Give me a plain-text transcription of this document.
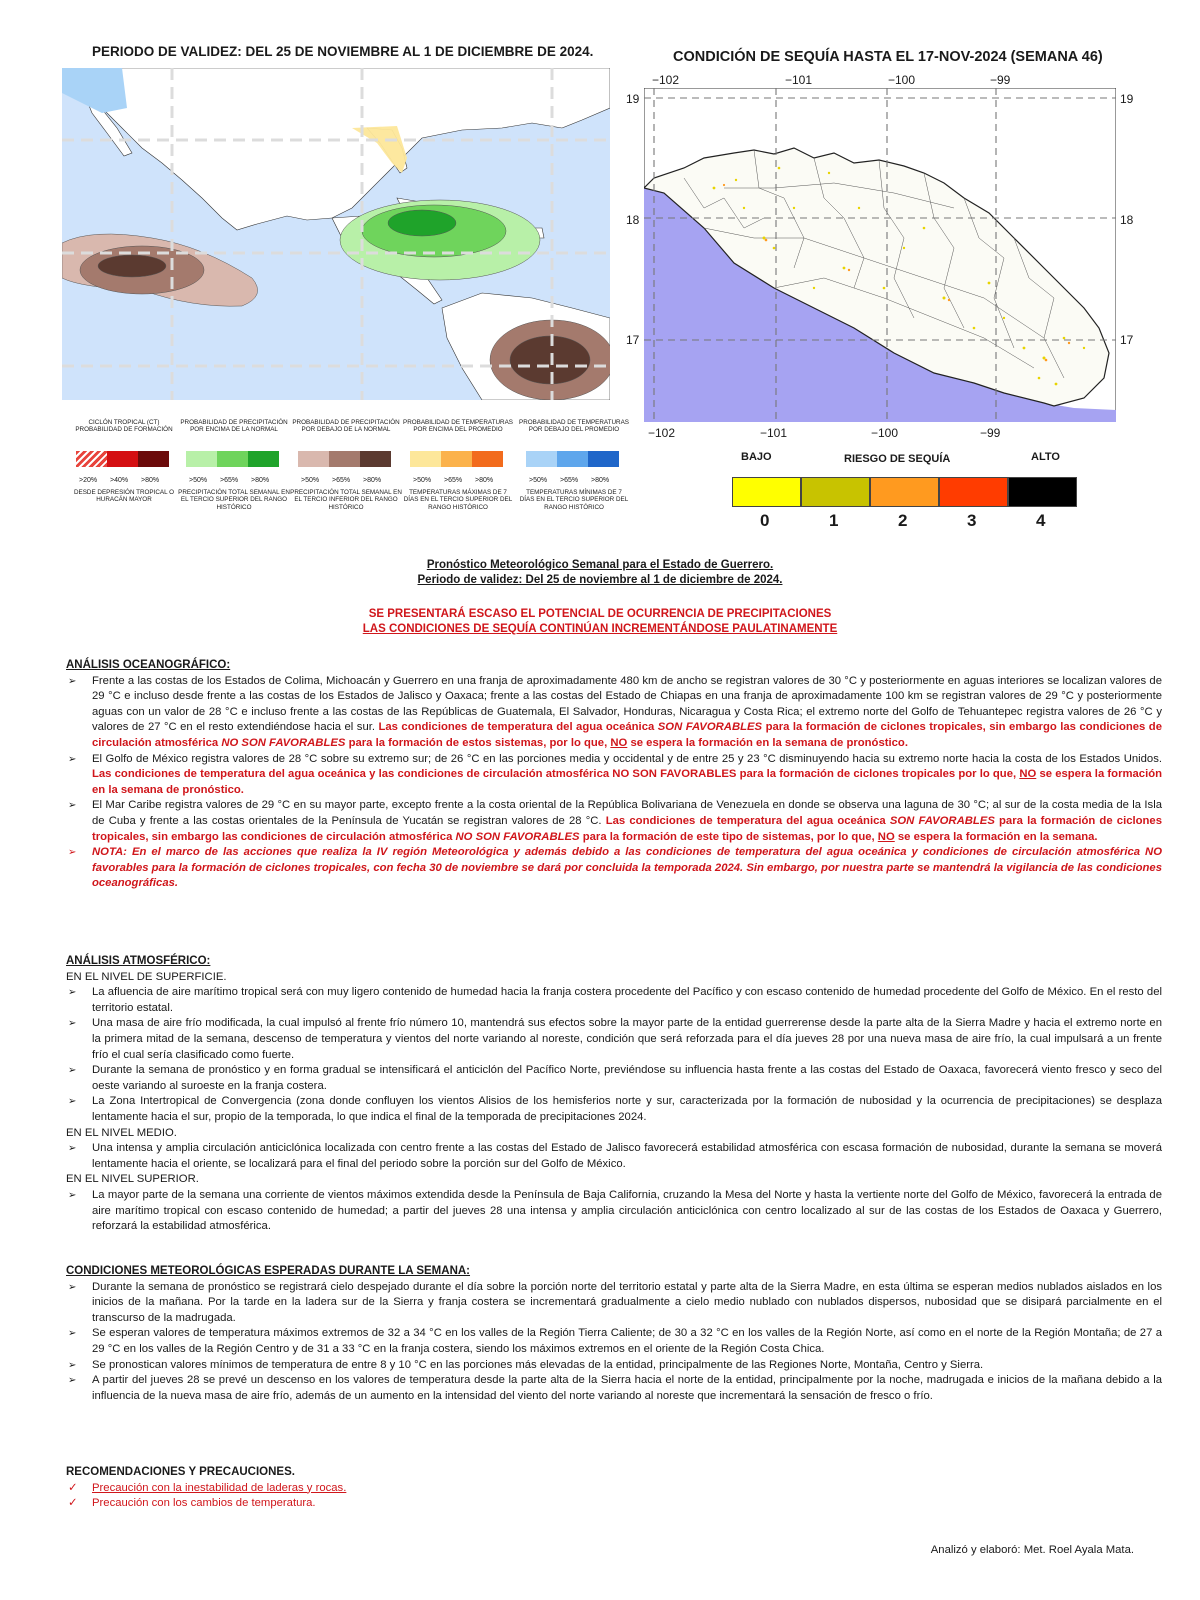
PERIODO DE VALIDEZ: DEL 25 DE NOVIEMBRE AL 1 DE DICIEMBRE DE 2024.
CICLÓN TROPICAL (CT) PROBABILIDAD DE FORMACIÓN
>20% >40% >80%
DESDE DEPRESIÓN TROPICAL O HURACÁN MAYOR
PROBABILIDAD DE PRECIPITACIÓN POR ENCIMA DE LA NORMAL
>50% >65% >80%
PRECIPITACIÓN TOTAL SEMANAL EN EL TERCIO SUPERIOR DEL RANGO HISTÓRICO
PROBABILIDAD DE PRECIPITACIÓN POR DEBAJO DE LA NORMAL
>50% >65% >80%
PRECIPITACIÓN TOTAL SEMANAL EN EL TERCIO INFERIOR DEL RANGO HISTÓRICO
PROBABILIDAD DE TEMPERATURAS POR ENCIMA DEL PROMEDIO
>50% >65% >80%
TEMPERATURAS MÁXIMAS DE 7 DÍAS EN EL TERCIO SUPERIOR DEL RANGO HISTÓRICO
PROBABILIDAD DE TEMPERATURAS POR DEBAJO DEL PROMEDIO
>50% >65% >80%
TEMPERATURAS MÍNIMAS DE 7 DÍAS EN EL TERCIO SUPERIOR DEL RANGO HISTÓRICO
CONDICIÓN DE SEQUÍA HASTA EL 17-NOV-2024 (SEMANA 46)
−102	−101	−100	−99
19
18
17
19
18
17
−102	−101	−100	−99
BAJO	RIESGO DE SEQUÍA	ALTO
0	1	2	3	4
Pronóstico Meteorológico Semanal para el Estado de Guerrero.
Periodo de validez: Del 25 de noviembre al 1 de diciembre de 2024.
SE PRESENTARÁ ESCASO EL POTENCIAL DE OCURRENCIA DE PRECIPITACIONES
LAS CONDICIONES DE SEQUÍA CONTINÚAN INCREMENTÁNDOSE PAULATINAMENTE

ANÁLISIS OCEANOGRÁFICO:

➢ Frente a las costas de los Estados de Colima, Michoacán y Guerrero en una franja de aproximadamente 480 km de ancho se registran valores de 30 °C y posteriormente en aguas interiores se localizan valores de 29 °C e incluso desde frente a las costas de los Estados de Jalisco y Oaxaca; frente a las costas del Estado de Chiapas en una franja de aproximadamente 100 km se registran valores de 29 °C y posteriormente aguas con un valor de 28 °C e incluso frente a las costas de las Repúblicas de Guatemala, El Salvador, Honduras, Nicaragua y Costa Rica; el extremo norte del Golfo de Tehuantepec registra valores de 26 °C y valores de 27 °C en el resto extendiéndose hacia el sur. Las condiciones de temperatura del agua oceánica SON FAVORABLES para la formación de ciclones tropicales, sin embargo las condiciones de circulación atmosférica NO SON FAVORABLES para la formación de estos sistemas, por lo que, NO se espera la formación en la semana de pronóstico.

➢ El Golfo de México registra valores de 28 °C sobre su extremo sur; de 26 °C en las porciones media y occidental y de entre 25 y 23 °C disminuyendo hacia su extremo norte hacia la costa de los Estados Unidos. Las condiciones de temperatura del agua oceánica y las condiciones de circulación atmosférica NO SON FAVORABLES para la formación de ciclones tropicales por lo que, NO se espera la formación en la semana de pronóstico.

➢ El Mar Caribe registra valores de 29 °C en su mayor parte, excepto frente a la costa oriental de la República Bolivariana de Venezuela en donde se observa una laguna de 30 °C; al sur de la costa media de la Isla de Cuba y frente a las costas orientales de la Península de Yucatán se registran valores de 28 °C. Las condiciones de temperatura del agua oceánica SON FAVORABLES para la formación de ciclones tropicales, sin embargo las condiciones de circulación atmosférica NO SON FAVORABLES para la formación de este tipo de sistemas, por lo que, NO se espera la formación en la semana.

➢ NOTA: En el marco de las acciones que realiza la IV región Meteorológica y además debido a las condiciones de temperatura del agua oceánica y condiciones de circulación atmosférica NO favorables para la formación de ciclones tropicales, con fecha 30 de noviembre se dará por concluida la temporada 2024. Sin embargo, por nuestra parte se mantendrá la vigilancia de las condiciones oceanográficas.

ANÁLISIS ATMOSFÉRICO:

EN EL NIVEL DE SUPERFICIE.

➢ La afluencia de aire marítimo tropical será con muy ligero contenido de humedad hacia la franja costera procedente del Pacífico y con escaso contenido de humedad procedente del Golfo de México. En el resto del territorio estatal.

➢ Una masa de aire frío modificada, la cual impulsó al frente frío número 10, mantendrá sus efectos sobre la mayor parte de la entidad guerrerense desde la parte alta de la Sierra Madre y hacia el extremo norte en la primera mitad de la semana, descenso de temperatura y vientos del norte variando al noreste, condición que será reforzada para el día jueves 28 por una nueva masa de aire frío, la cual impulsará a un frente frío el cual sería clasificado como fuerte.

➢ Durante la semana de pronóstico y en forma gradual se intensificará el anticiclón del Pacífico Norte, previéndose su influencia hasta frente a las costas del Estado de Oaxaca, favorecerá viento fresco y seco del oeste variando al suroeste en la franja costera.

➢ La Zona Intertropical de Convergencia (zona donde confluyen los vientos Alisios de los hemisferios norte y sur, caracterizada por la formación de nubosidad y la ocurrencia de precipitaciones) se desplaza lentamente hacia el sur, propio de la temporada, lo que indica el final de la temporada de precipitaciones 2024.

EN EL NIVEL MEDIO.

➢ Una intensa y amplia circulación anticiclónica localizada con centro frente a las costas del Estado de Jalisco favorecerá estabilidad atmosférica con escasa formación de nubosidad, durante la semana se moverá lentamente hacia el oriente, se localizará para el final del periodo sobre la porción sur del Golfo de México.

EN EL NIVEL SUPERIOR.

➢ La mayor parte de la semana una corriente de vientos máximos extendida desde la Península de Baja California, cruzando la Mesa del Norte y hasta la vertiente norte del Golfo de México, favorecerá la entrada de aire marítimo tropical con escaso contenido de humedad; a partir del jueves 28 una intensa y amplia circulación anticiclónica con centro localizado al sur de las costas de los Estados de Oaxaca y Guerrero, reforzará la estabilidad atmosférica.

CONDICIONES METEOROLÓGICAS ESPERADAS DURANTE LA SEMANA:

➢ Durante la semana de pronóstico se registrará cielo despejado durante el día sobre la porción norte del territorio estatal y parte alta de la Sierra Madre, en esta última se esperan medios nublados aislados en los inicios de la mañana. Por la tarde en la ladera sur de la Sierra y franja costera se incrementará gradualmente a cielo medio nublado con nublados dispersos, nubosidad que se disipará parcialmente en el transcurso de la madrugada.

➢ Se esperan valores de temperatura máximos extremos de 32 a 34 °C en los valles de la Región Tierra Caliente; de 30 a 32 °C en los valles de la Región Norte, así como en el norte de la Región Montaña; de 27 a 29 °C en los valles de la Región Centro y de 31 a 33 °C en la franja costera, siendo los máximos extremos en el oriente de la Región Costa Chica.

➢ Se pronostican valores mínimos de temperatura de entre 8 y 10 °C en las porciones más elevadas de la entidad, principalmente de las Regiones Norte, Montaña, Centro y Sierra.

➢ A partir del jueves 28 se prevé un descenso en los valores de temperatura desde la parte alta de la Sierra hacia el norte de la entidad, principalmente por la noche, madrugada e inicios de la mañana debido a la influencia de la nueva masa de aire frío, además de un aumento en la intensidad del viento del norte variando al noreste que incrementará la sensación de fresco o frío.

RECOMENDACIONES Y PRECAUCIONES.

✓ Precaución con la inestabilidad de laderas y rocas.

✓ Precaución con los cambios de temperatura.

Analizó y elaboró: Met. Roel Ayala Mata.
